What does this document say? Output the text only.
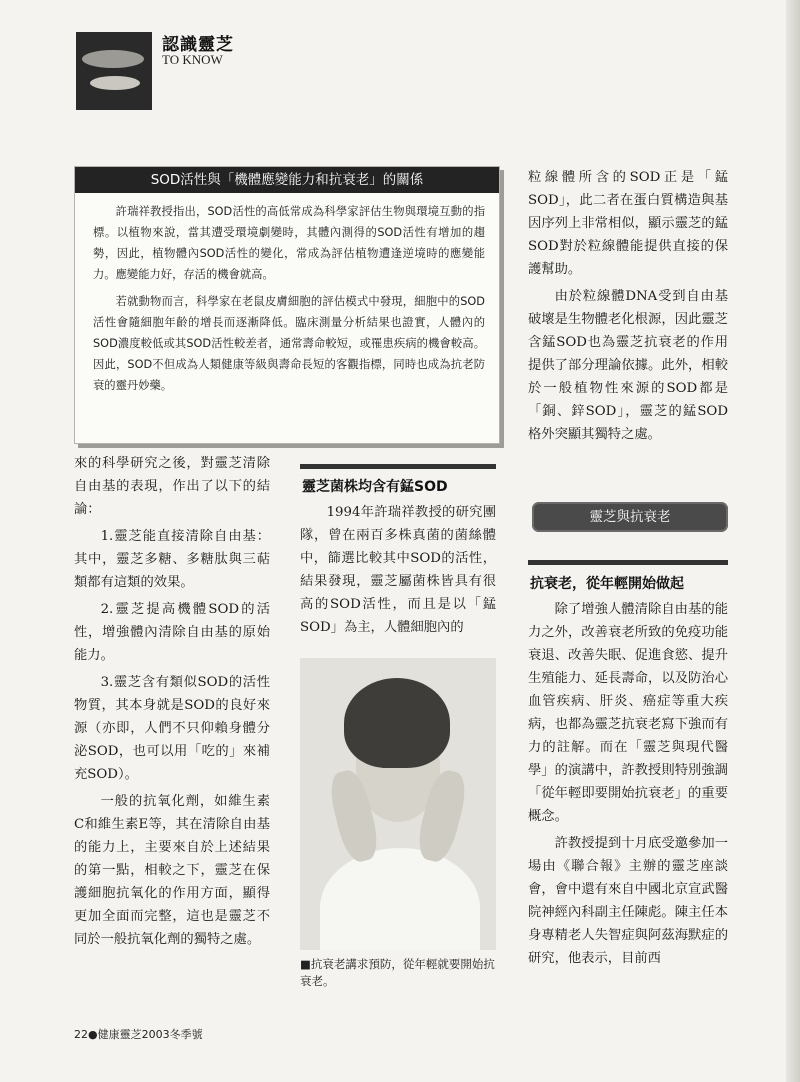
認識靈芝
TO KNOW
SOD活性與「機體應變能力和抗衰老」的關係

許瑞祥教授指出，SOD活性的高低常成為科學家評估生物與環境互動的指標。以植物來說，當其遭受環境劇變時，其體內測得的SOD活性有增加的趨勢，因此，植物體內SOD活性的變化，常成為評估植物遭逢逆境時的應變能力。應變能力好，存活的機會就高。

若就動物而言，科學家在老鼠皮膚細胞的評估模式中發現，細胞中的SOD活性會隨細胞年齡的增長而逐漸降低。臨床測量分析結果也證實，人體內的SOD濃度較低或其SOD活性較差者，通常壽命較短，或罹患疾病的機會較高。因此，SOD不但成為人類健康等級與壽命長短的客觀指標，同時也成為抗老防衰的靈丹妙藥。

來的科學研究之後，對靈芝清除自由基的表現，作出了以下的結論：

1.靈芝能直接清除自由基：其中，靈芝多糖、多糖肽與三萜類都有這類的效果。

2.靈芝提高機體SOD的活性，增強體內清除自由基的原始能力。

3.靈芝含有類似SOD的活性物質，其本身就是SOD的良好來源（亦即，人們不只仰賴身體分泌SOD，也可以用「吃的」來補充SOD）。

一般的抗氧化劑，如維生素C和維生素E等，其在清除自由基的能力上，主要來自於上述結果的第一點，相較之下，靈芝在保護細胞抗氧化的作用方面，顯得更加全面而完整，這也是靈芝不同於一般抗氧化劑的獨特之處。

靈芝菌株均含有錳SOD

1994年許瑞祥教授的研究團隊，曾在兩百多株真菌的菌絲體中，篩選比較其中SOD的活性，結果發現，靈芝屬菌株皆具有很高的SOD活性，而且是以「錳SOD」為主，人體細胞內的

■抗衰老講求預防，從年輕就要開始抗衰老。

粒線體所含的SOD正是「錳SOD」，此二者在蛋白質構造與基因序列上非常相似，顯示靈芝的錳SOD對於粒線體能提供直接的保護幫助。

由於粒線體DNA受到自由基破壞是生物體老化根源，因此靈芝含錳SOD也為靈芝抗衰老的作用提供了部分理論依據。此外，相較於一般植物性來源的SOD都是「銅、鋅SOD」，靈芝的錳SOD格外突顯其獨特之處。

靈芝與抗衰老
抗衰老，從年輕開始做起

除了增強人體清除自由基的能力之外，改善衰老所致的免疫功能衰退、改善失眠、促進食慾、提升生殖能力、延長壽命，以及防治心血管疾病、肝炎、癌症等重大疾病，也都為靈芝抗衰老寫下強而有力的註解。而在「靈芝與現代醫學」的演講中，許教授則特別強調「從年輕即要開始抗衰老」的重要概念。

許教授提到十月底受邀參加一場由《聯合報》主辦的靈芝座談會，會中還有來自中國北京宣武醫院神經內科副主任陳彪。陳主任本身專精老人失智症與阿茲海默症的研究，他表示，目前西

22●健康靈芝2003冬季號
